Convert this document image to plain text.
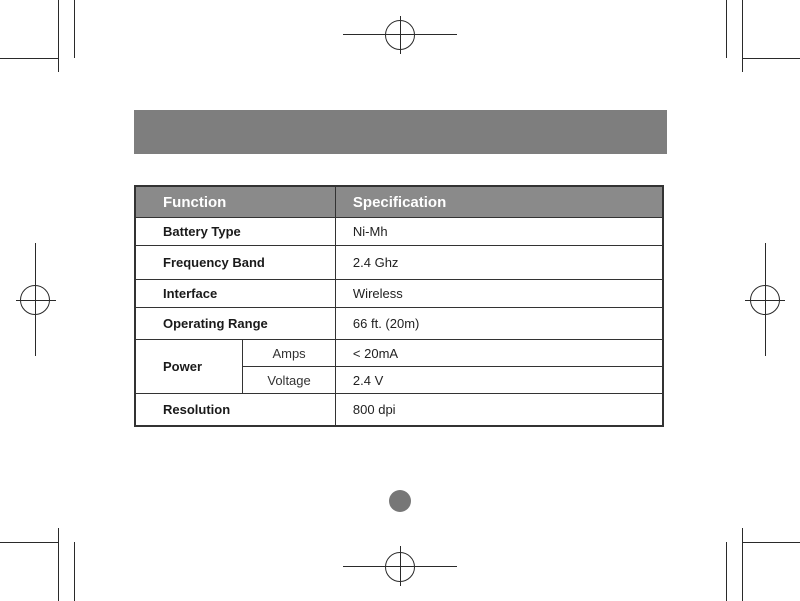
Function		Specification
Battery Type		Ni-Mh
Frequency Band		2.4 Ghz
Interface		Wireless
Operating Range		66 ft. (20m)
Power	Amps	< 20mA
	Voltage	2.4 V
Resolution		800 dpi
